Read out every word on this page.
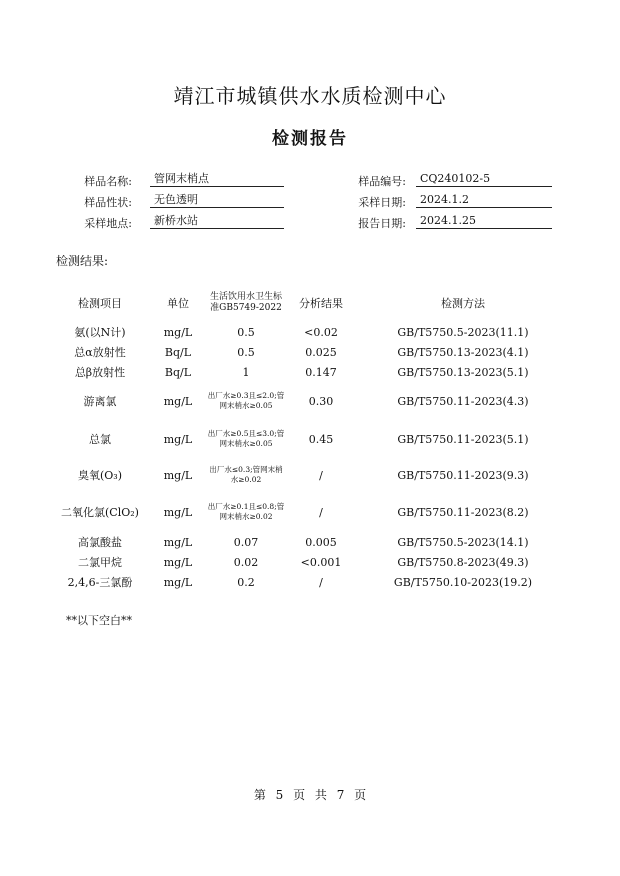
靖江市城镇供水水质检测中心
检测报告
样品名称:	管网末梢点	样品编号:	CQ240102-5
样品性状:	无色透明	采样日期:	2024.1.2
采样地点:	新桥水站	报告日期:	2024.1.25
检测结果:
检测项目	单位	生活饮用水卫生标准GB5749-2022	分析结果	检测方法
氨(以N计)	mg/L	0.5	<0.02	GB/T5750.5-2023(11.1)
总α放射性	Bq/L	0.5	0.025	GB/T5750.13-2023(4.1)
总β放射性	Bq/L	1	0.147	GB/T5750.13-2023(5.1)
游离氯	mg/L	出厂水≥0.3且≤2.0;管网末梢水≥0.05	0.30	GB/T5750.11-2023(4.3)
总氯	mg/L	出厂水≥0.5且≤3.0;管网末梢水≥0.05	0.45	GB/T5750.11-2023(5.1)
臭氧(O₃)	mg/L	出厂水≤0.3;管网末梢水≥0.02	/	GB/T5750.11-2023(9.3)
二氧化氯(ClO₂)	mg/L	出厂水≥0.1且≤0.8;管网末梢水≥0.02	/	GB/T5750.11-2023(8.2)
高氯酸盐	mg/L	0.07	0.005	GB/T5750.5-2023(14.1)
二氯甲烷	mg/L	0.02	<0.001	GB/T5750.8-2023(49.3)
2,4,6-三氯酚	mg/L	0.2	/	GB/T5750.10-2023(19.2)
**以下空白**
第 5 页 共 7 页
